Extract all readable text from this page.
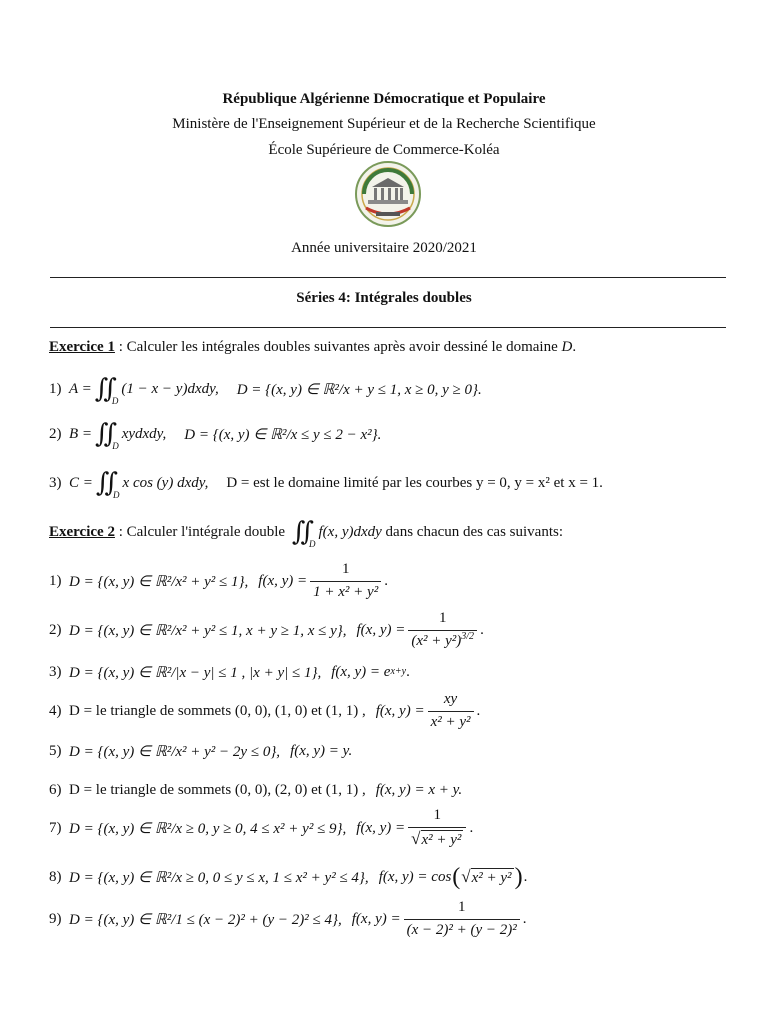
République Algérienne Démocratique et Populaire
Ministère de l'Enseignement Supérieur et de la Recherche Scientifique
École Supérieure de Commerce-Koléa
Année universitaire 2020/2021
Séries 4: Intégrales doubles
Exercice 1 : Calculer les intégrales doubles suivantes après avoir dessiné le domaine D .
1) A = ∬ D
(1 − x − y)dxdy, D = {(x, y) ∈ ℝ²/x + y ≤ 1, x ≥ 0, y ≥ 0}.
2) B = ∬ D
xydxdy, D = {(x, y) ∈ ℝ²/x ≤ y ≤ 2 − x²}.
3) C = ∬ D
x cos (y) dxdy, D = est le domaine limité par les courbes y = 0, y = x² et x = 1.
Exercice 2 : Calculer l'intégrale double ∬ D
f(x, y)dxdy dans chacun des cas suivants:
1) D = {(x, y) ∈ ℝ²/x² + y² ≤ 1}, f(x, $y) = \frac{1}{\text{1 + x² + y²}}$ .
2) D = {(x, y) ∈ ℝ²/x² + y² ≤ 1, x + y ≥ 1, x ≤ y}, f(x, $y) = \frac{1}{(x^2 + y^2)^{3/2}}$ .
3) D = {(x, y) ∈ ℝ²/|x − y| ≤ 1 , |x + y| ≤ 1}, f(x, y) = e x+y .
4) D = le triangle de sommets (0, 0), (1, 0) et (1, 1) , f(x, $y) = \frac{xy}{\text{x² + y²}}$ .
5) D = {(x, y) ∈ ℝ²/x² + y² − 2y ≤ 0}, f(x, y) = y.
6) D = le triangle de sommets (0, 0), (2, 0) et (1, 1) , f(x, y) = x + y.
7) D = {(x, y) ∈ ℝ²/x ≥ 0, y ≥ 0, 4 ≤ x² + y² ≤ 9}, f(x, $y) = \frac{1}{\text{√ x² + y²}}$ .
8) D = {(x, y) ∈ ℝ²/x ≥ 0, 0 ≤ y ≤ x, 1 ≤ x² + y² ≤ 4}, f(x, y) = cos ( √ x² + y² ) .
9) D = {(x, y) ∈ ℝ²/1 ≤ (x − 2)² + (y − 2)² ≤ 4}, f(x, $y) = \frac{1}{\text{(x − 2)² + (y − 2)²}}$ .
